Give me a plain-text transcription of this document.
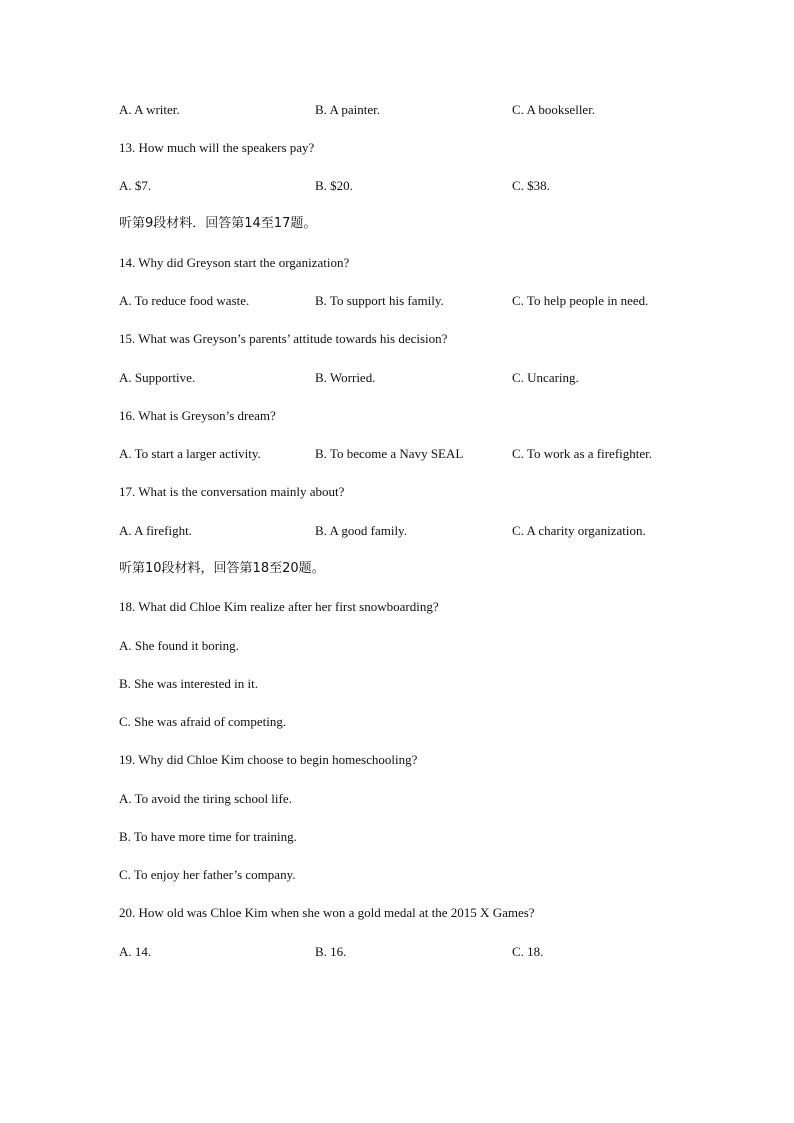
A. A writer.	B. A painter.	C. A bookseller.
13. How much will the speakers pay?
A. $7.	B. $20.	C. $38.
听第9段材料．回答第14至17题。
14. Why did Greyson start the organization?
A. To reduce food waste.	B. To support his family.	C. To help people in need.
15. What was Greyson’s parents’ attitude towards his decision?
A. Supportive.	B. Worried.	C. Uncaring.
16. What is Greyson’s dream?
A. To start a larger activity.	B. To become a Navy SEAL	C. To work as a firefighter.
17. What is the conversation mainly about?
A. A firefight.	B. A good family.	C. A charity organization.
听第10段材料，回答第18至20题。
18. What did Chloe Kim realize after her first snowboarding?
A. She found it boring.
B. She was interested in it.
C. She was afraid of competing.
19. Why did Chloe Kim choose to begin homeschooling?
A. To avoid the tiring school life.
B. To have more time for training.
C. To enjoy her father’s company.
20. How old was Chloe Kim when she won a gold medal at the 2015 X Games?
A. 14.	B. 16.	C. 18.
